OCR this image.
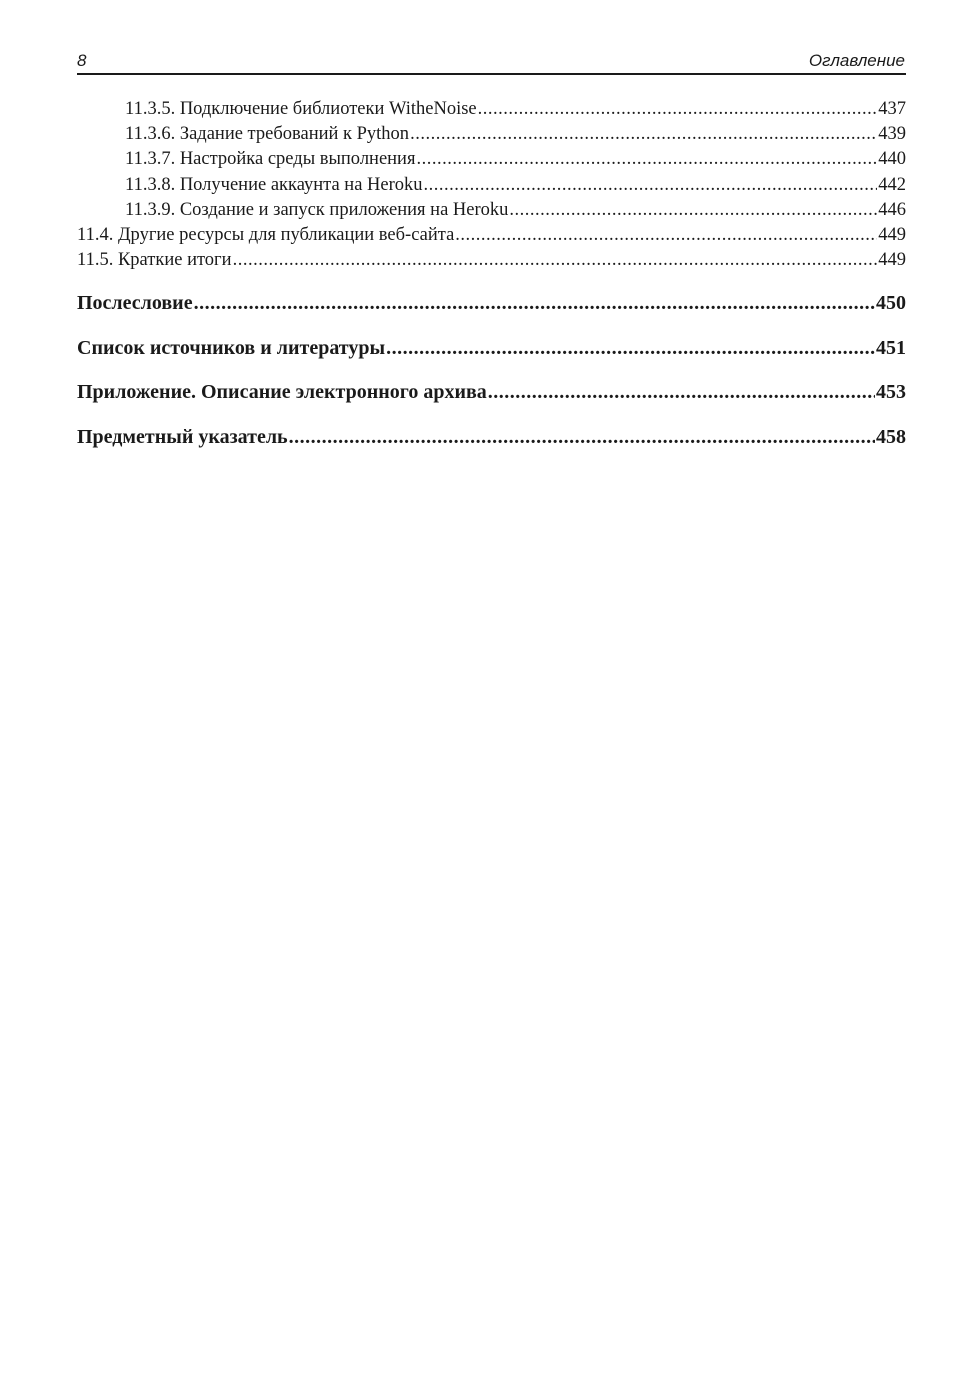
8	Оглавление
11.3.5. Подключение библиотеки WitheNoise .....	437
11.3.6. Задание требований к Python .....	439
11.3.7. Настройка среды выполнения .....	440
11.3.8. Получение аккаунта на Heroku .....	442
11.3.9. Создание и запуск приложения на Heroku .....	446
11.4. Другие ресурсы для публикации веб-сайта .....	449
11.5. Краткие итоги .....	449
Послесловие .....	450
Список источников и литературы .....	451
Приложение. Описание электронного архива .....	453
Предметный указатель .....	458
